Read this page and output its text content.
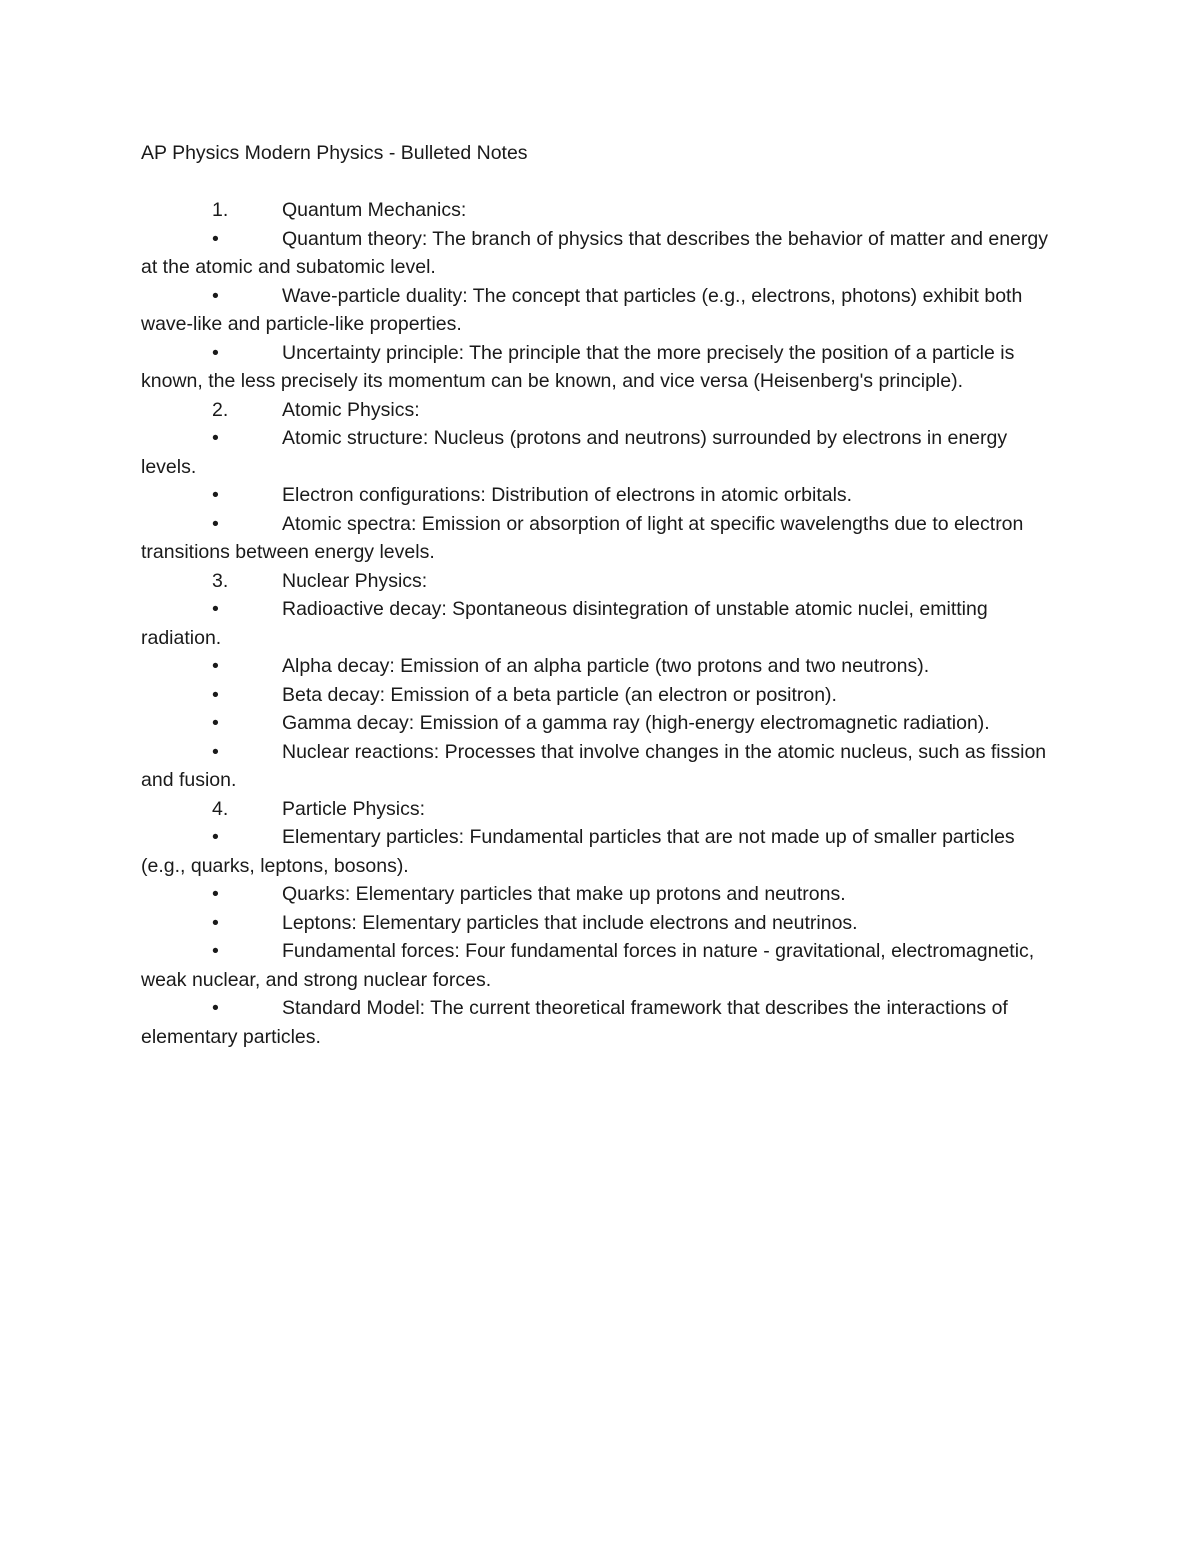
AP Physics Modern Physics - Bulleted Notes

1.	Quantum Mechanics:

•	Quantum theory: The branch of physics that describes the behavior of matter and energy at the atomic and subatomic level.

•	Wave-particle duality: The concept that particles (e.g., electrons, photons) exhibit both wave-like and particle-like properties.

•	Uncertainty principle: The principle that the more precisely the position of a particle is known, the less precisely its momentum can be known, and vice versa (Heisenberg's principle).

2.	Atomic Physics:

•	Atomic structure: Nucleus (protons and neutrons) surrounded by electrons in energy levels.

•	Electron configurations: Distribution of electrons in atomic orbitals.

•	Atomic spectra: Emission or absorption of light at specific wavelengths due to electron transitions between energy levels.

3.	Nuclear Physics:

•	Radioactive decay: Spontaneous disintegration of unstable atomic nuclei, emitting radiation.

•	Alpha decay: Emission of an alpha particle (two protons and two neutrons).

•	Beta decay: Emission of a beta particle (an electron or positron).

•	Gamma decay: Emission of a gamma ray (high-energy electromagnetic radiation).

•	Nuclear reactions: Processes that involve changes in the atomic nucleus, such as fission and fusion.

4.	Particle Physics:

•	Elementary particles: Fundamental particles that are not made up of smaller particles (e.g., quarks, leptons, bosons).

•	Quarks: Elementary particles that make up protons and neutrons.

•	Leptons: Elementary particles that include electrons and neutrinos.

•	Fundamental forces: Four fundamental forces in nature - gravitational, electromagnetic, weak nuclear, and strong nuclear forces.

•	Standard Model: The current theoretical framework that describes the interactions of elementary particles.
